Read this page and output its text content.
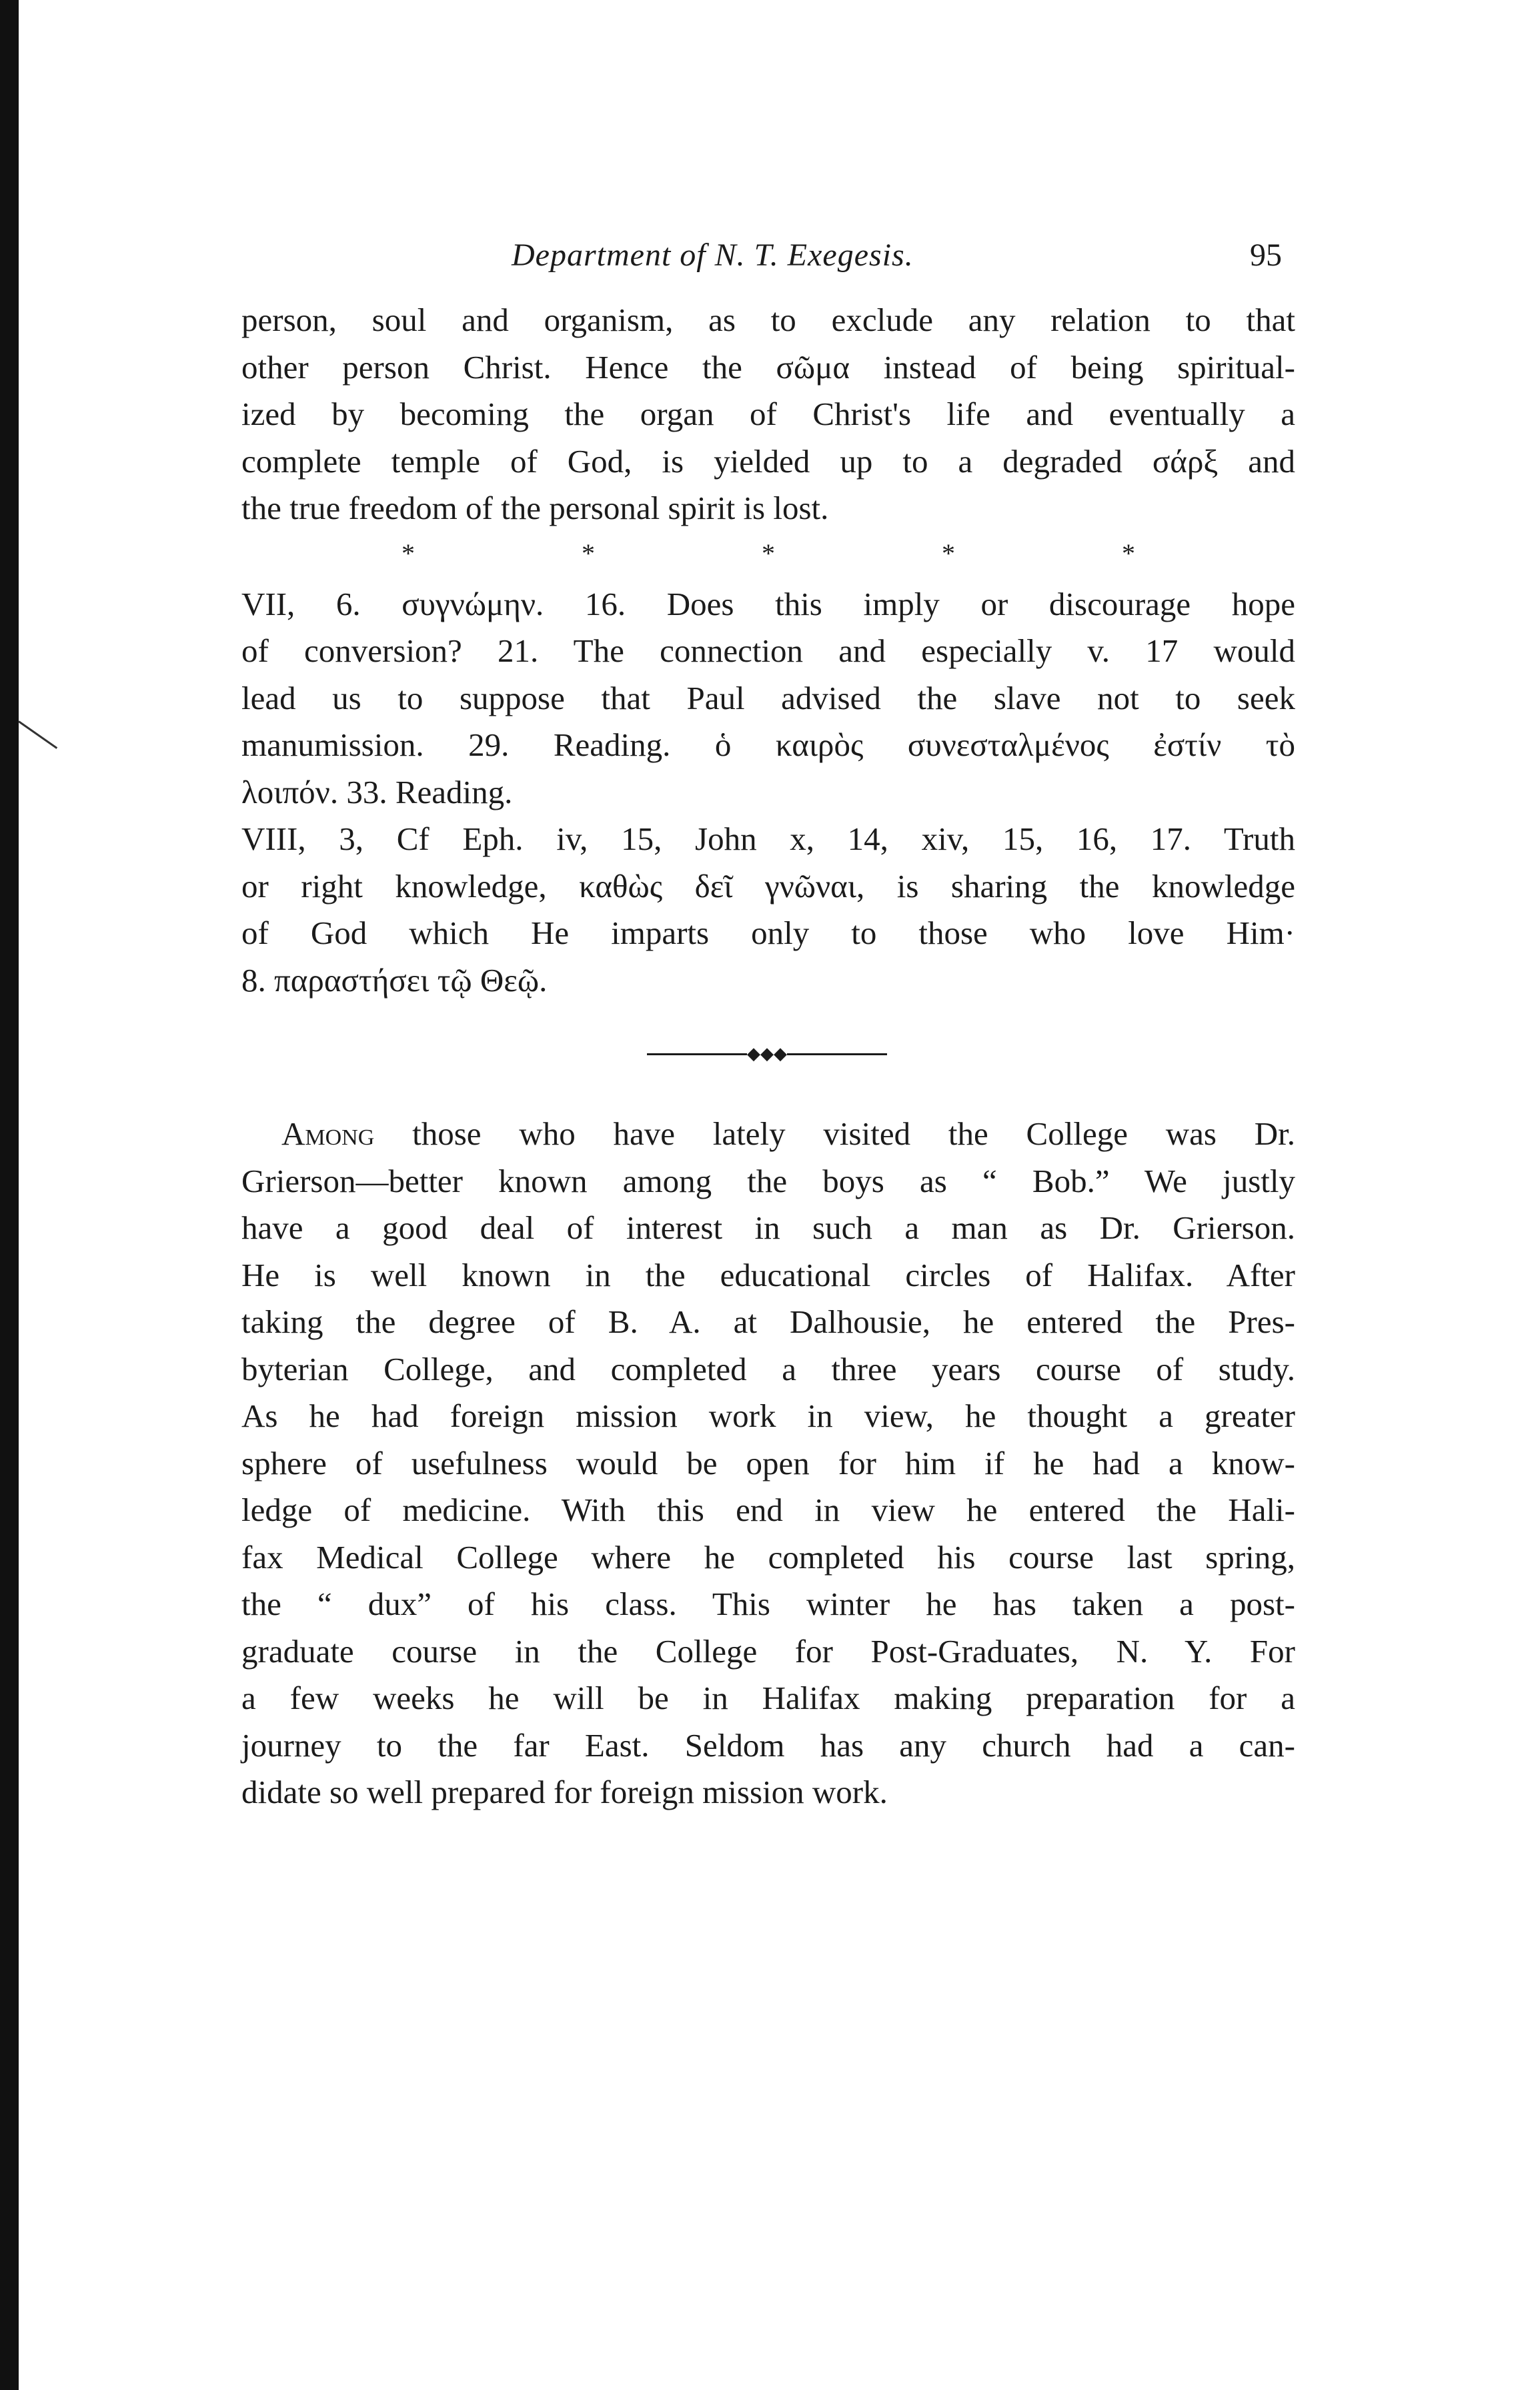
Department of N. T. Exegesis.	95
person, soul and organism, as to exclude any relation to that
other person Christ. Hence the σῶμα instead of being spiritual-
ized by becoming the organ of Christ's life and eventually a
complete temple of God, is yielded up to a degraded σάρξ and
the true freedom of the personal spirit is lost.
*	*	*	*	*
VII, 6. συγνώμην. 16. Does this imply or discourage hope
of conversion? 21. The connection and especially v. 17 would
lead us to suppose that Paul advised the slave not to seek
manumission. 29. Reading. ὁ καιρὸς συνεσταλμένος ἐστίν τὸ
λοιπόν. 33. Reading.
VIII, 3, Cf Eph. iv, 15, John x, 14, xiv, 15, 16, 17. Truth
or right knowledge, καθὼς δεῖ γνῶναι, is sharing the knowledge
of God which He imparts only to those who love Him·
8. παραστήσει τῷ Θεῷ.
◆◆◆
Among those who have lately visited the College was Dr.
Grierson—better known among the boys as “ Bob.” We justly
have a good deal of interest in such a man as Dr. Grierson.
He is well known in the educational circles of Halifax. After
taking the degree of B. A. at Dalhousie, he entered the Pres-
byterian College, and completed a three years course of study.
As he had foreign mission work in view, he thought a greater
sphere of usefulness would be open for him if he had a know-
ledge of medicine. With this end in view he entered the Hali-
fax Medical College where he completed his course last spring,
the “ dux” of his class. This winter he has taken a post-
graduate course in the College for Post-Graduates, N. Y. For
a few weeks he will be in Halifax making preparation for a
journey to the far East. Seldom has any church had a can-
didate so well prepared for foreign mission work.
